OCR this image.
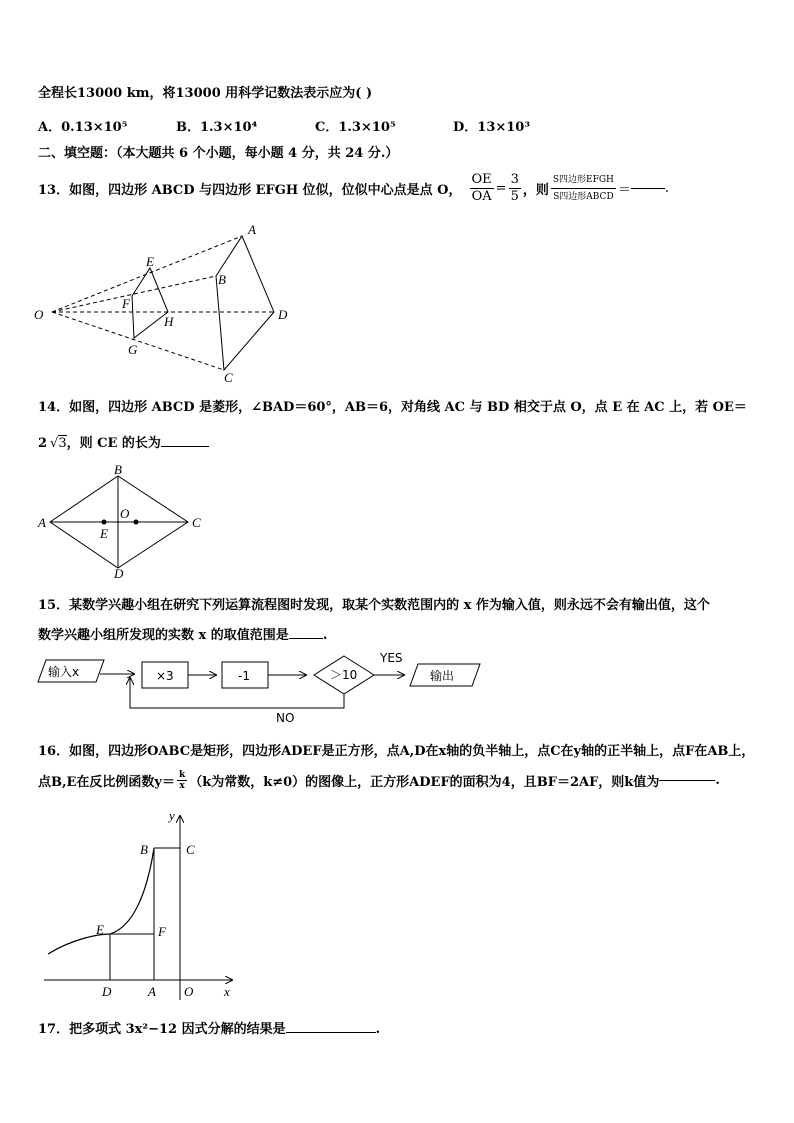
全程长13000 km，将13000 用科学记数法表示应为( )
A．0.13×10⁵	B．1.3×10⁴	C．1.3×10⁵	D．13×10³
二、填空题：（本大题共 6 个小题，每小题 4 分，共 24 分.）
13．如图，四边形 ABCD 与四边形 EFGH 位似，位似中心点是点 O， $\frac{OE}{OA} = \frac{3}{5}$ ，则 $\frac{\text{S四边形EFGH}}{\text{S四边形ABCD}}$ ＝	.
O
A
B
C
D
E
F
G
H
14．如图，四边形 ABCD 是菱形，∠BAD＝60°，AB＝6，对角线 AC 与 BD 相交于点 O，点 E 在 AC 上，若 OE＝
2 √3，则 CE 的长为
A
B
C
D
O
E
15．某数学兴趣小组在研究下列运算流程图时发现，取某个实数范围内的 x 作为输入值，则永远不会有输出值，这个
数学兴趣小组所发现的实数 x 的取值范围是	.
输入x	×3	-1	＞10
YES
输出
NO
16．如图，四边形OABC是矩形，四边形ADEF是正方形，点A,D在x轴的负半轴上，点C在y轴的正半轴上，点F在AB上，
点B,E在反比例函数$y= \frac{k}{x} (k$为常数，k≠0）的图像上，正方形ADEF的面积为4，且BF＝2AF，则k值为	.
y
x
B	C
E	F
D	A O
17．把多项式 3x²−12 因式分解的结果是	.
